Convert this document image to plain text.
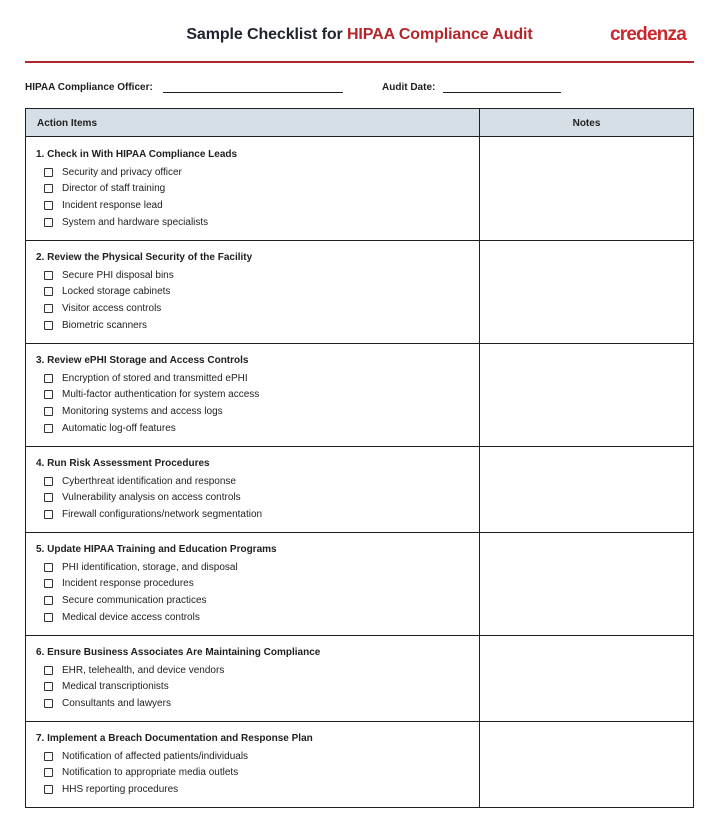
Sample Checklist for HIPAA Compliance Audit	credenza
HIPAA Compliance Officer:	Audit Date:
Action Items	Notes
1. Check in With HIPAA Compliance Leads
Security and privacy officer
Director of staff training
Incident response lead
System and hardware specialists
2. Review the Physical Security of the Facility
Secure PHI disposal bins
Locked storage cabinets
Visitor access controls
Biometric scanners
3. Review ePHI Storage and Access Controls
Encryption of stored and transmitted ePHI
Multi-factor authentication for system access
Monitoring systems and access logs
Automatic log-off features
4. Run Risk Assessment Procedures
Cyberthreat identification and response
Vulnerability analysis on access controls
Firewall configurations/network segmentation
5. Update HIPAA Training and Education Programs
PHI identification, storage, and disposal
Incident response procedures
Secure communication practices
Medical device access controls
6. Ensure Business Associates Are Maintaining Compliance
EHR, telehealth, and device vendors
Medical transcriptionists
Consultants and lawyers
7. Implement a Breach Documentation and Response Plan
Notification of affected patients/individuals
Notification to appropriate media outlets
HHS reporting procedures
